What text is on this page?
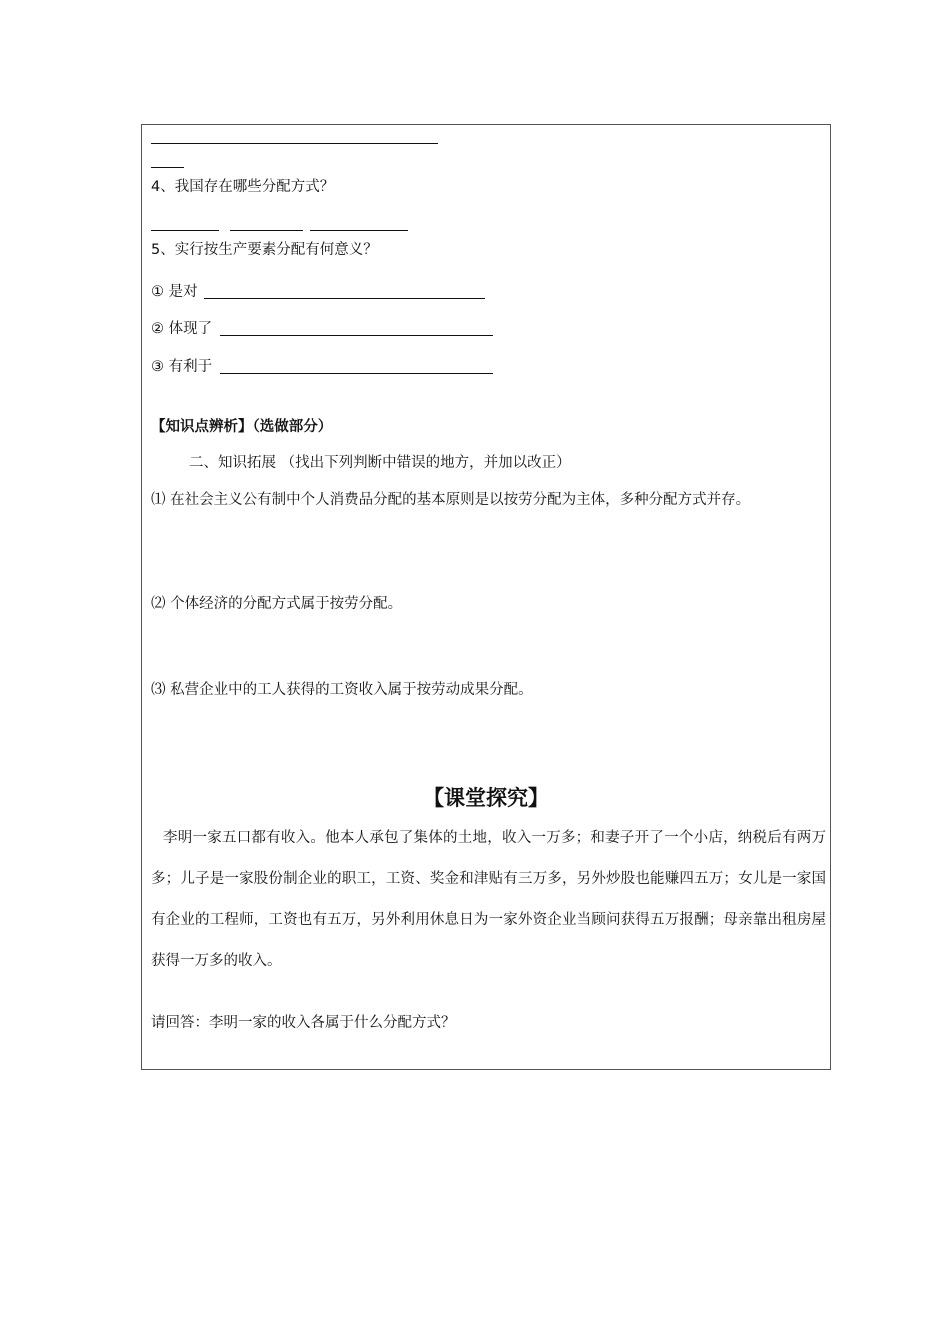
4、我国存在哪些分配方式？
5、实行按生产要素分配有何意义？
① 是对
② 体现了
③ 有利于
【知识点辨析】（选做部分）
二、知识拓展 （找出下列判断中错误的地方，并加以改正）
⑴ 在社会主义公有制中个人消费品分配的基本原则是以按劳分配为主体，多种分配方式并存。
⑵ 个体经济的分配方式属于按劳分配。
⑶ 私营企业中的工人获得的工资收入属于按劳动成果分配。
【课堂探究】
李明一家五口都有收入。他本人承包了集体的土地，收入一万多；和妻子开了一个小店，纳税后有两万多；儿子是一家股份制企业的职工，工资、奖金和津贴有三万多，另外炒股也能赚四五万；女儿是一家国有企业的工程师，工资也有五万，另外利用休息日为一家外资企业当顾问获得五万报酬；母亲靠出租房屋获得一万多的收入。
请回答：李明一家的收入各属于什么分配方式？
